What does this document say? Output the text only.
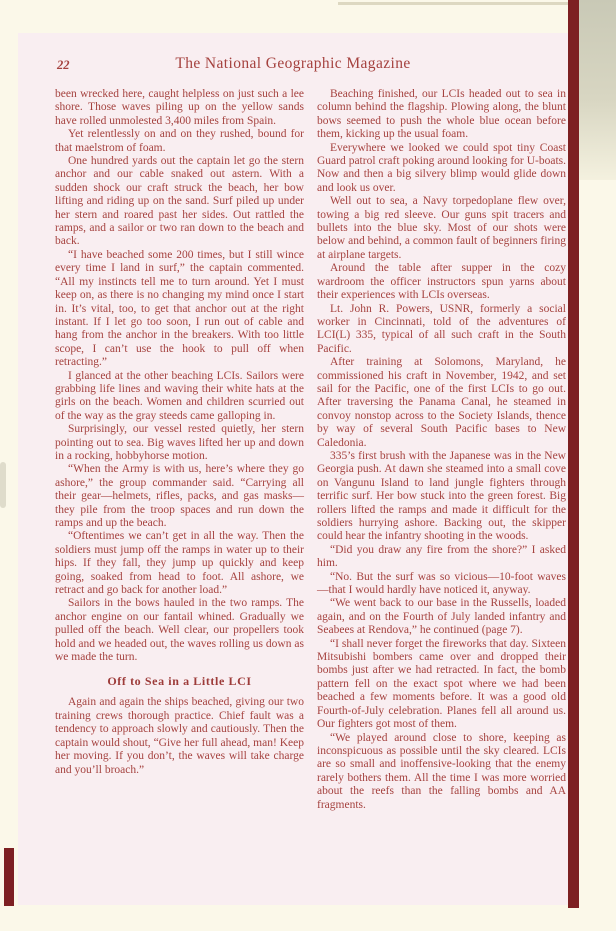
22	The National Geographic Magazine

been wrecked here, caught helpless on just such a lee shore. Those waves piling up on the yellow sands have rolled unmolested 3,400 miles from Spain.

Yet relentlessly on and on they rushed, bound for that maelstrom of foam.

One hundred yards out the captain let go the stern anchor and our cable snaked out astern. With a sudden shock our craft struck the beach, her bow lifting and riding up on the sand. Surf piled up under her stern and roared past her sides. Out rattled the ramps, and a sailor or two ran down to the beach and back.

“I have beached some 200 times, but I still wince every time I land in surf,” the captain commented. “All my instincts tell me to turn around. Yet I must keep on, as there is no changing my mind once I start in. It’s vital, too, to get that anchor out at the right instant. If I let go too soon, I run out of cable and hang from the anchor in the breakers. With too little scope, I can’t use the hook to pull off when retracting.”

I glanced at the other beaching LCIs. Sailors were grabbing life lines and waving their white hats at the girls on the beach. Women and children scurried out of the way as the gray steeds came galloping in.

Surprisingly, our vessel rested quietly, her stern pointing out to sea. Big waves lifted her up and down in a rocking, hobbyhorse motion.

“When the Army is with us, here’s where they go ashore,” the group commander said. “Carrying all their gear—helmets, rifles, packs, and gas masks—they pile from the troop spaces and run down the ramps and up the beach.

“Oftentimes we can’t get in all the way. Then the soldiers must jump off the ramps in water up to their hips. If they fall, they jump up quickly and keep going, soaked from head to foot. All ashore, we retract and go back for another load.”

Sailors in the bows hauled in the two ramps. The anchor engine on our fantail whined. Gradually we pulled off the beach. Well clear, our propellers took hold and we headed out, the waves rolling us down as we made the turn.

Off to Sea in a Little LCI

Again and again the ships beached, giving our two training crews thorough practice. Chief fault was a tendency to approach slowly and cautiously. Then the captain would shout, “Give her full ahead, man! Keep her moving. If you don’t, the waves will take charge and you’ll broach.”

Beaching finished, our LCIs headed out to sea in column behind the flagship. Plowing along, the blunt bows seemed to push the whole blue ocean before them, kicking up the usual foam.

Everywhere we looked we could spot tiny Coast Guard patrol craft poking around looking for U-boats. Now and then a big silvery blimp would glide down and look us over.

Well out to sea, a Navy torpedoplane flew over, towing a big red sleeve. Our guns spit tracers and bullets into the blue sky. Most of our shots were below and behind, a common fault of beginners firing at airplane targets.

Around the table after supper in the cozy wardroom the officer instructors spun yarns about their experiences with LCIs overseas.

Lt. John R. Powers, USNR, formerly a social worker in Cincinnati, told of the adventures of LCI(L) 335, typical of all such craft in the South Pacific.

After training at Solomons, Maryland, he commissioned his craft in November, 1942, and set sail for the Pacific, one of the first LCIs to go out. After traversing the Panama Canal, he steamed in convoy nonstop across to the Society Islands, thence by way of several South Pacific bases to New Caledonia.

335’s first brush with the Japanese was in the New Georgia push. At dawn she steamed into a small cove on Vangunu Island to land jungle fighters through terrific surf. Her bow stuck into the green forest. Big rollers lifted the ramps and made it difficult for the soldiers hurrying ashore. Backing out, the skipper could hear the infantry shooting in the woods.

“Did you draw any fire from the shore?” I asked him.

“No. But the surf was so vicious—10-foot waves—that I would hardly have noticed it, anyway.

“We went back to our base in the Russells, loaded again, and on the Fourth of July landed infantry and Seabees at Rendova,” he continued (page 7).

“I shall never forget the fireworks that day. Sixteen Mitsubishi bombers came over and dropped their bombs just after we had retracted. In fact, the bomb pattern fell on the exact spot where we had been beached a few moments before. It was a good old Fourth-of-July celebration. Planes fell all around us. Our fighters got most of them.

“We played around close to shore, keeping as inconspicuous as possible until the sky cleared. LCIs are so small and inoffensive-looking that the enemy rarely bothers them. All the time I was more worried about the reefs than the falling bombs and AA fragments.
